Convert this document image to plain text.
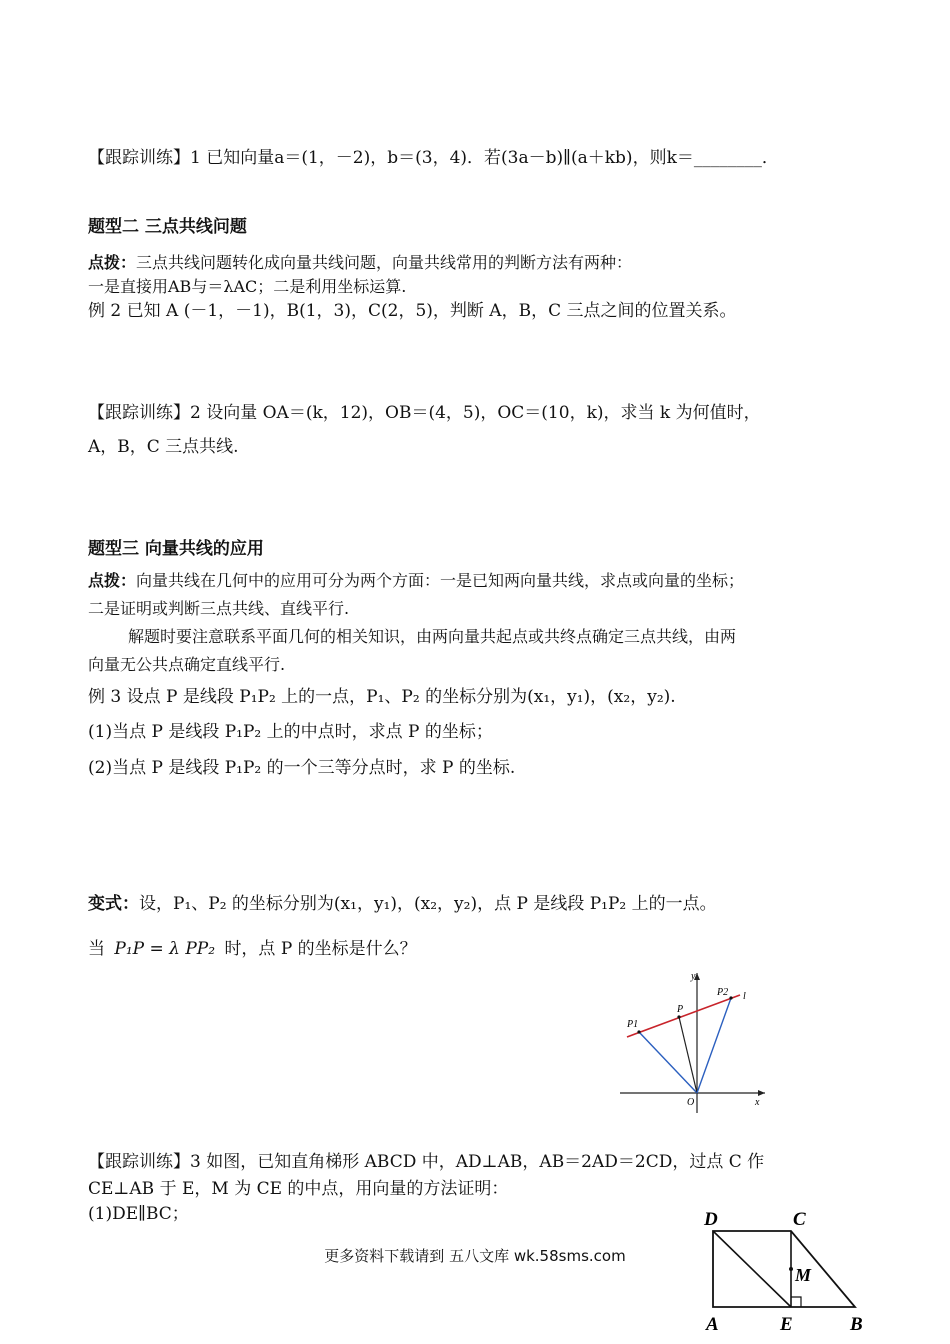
【跟踪训练】1 已知向量a＝(1，－2)，b＝(3，4)．若(3a－b)∥(a＋kb)，则k＝________．
题型二 三点共线问题
点拨：三点共线问题转化成向量共线问题，向量共线常用的判断方法有两种：
一是直接用AB与＝λAC；二是利用坐标运算.
例 2 已知 A (－1，－1)，B(1，3)，C(2，5)，判断 A，B，C 三点之间的位置关系。
【跟踪训练】2 设向量 OA＝(k，12)，OB＝(4，5)，OC＝(10，k)，求当 k 为何值时，
A，B，C 三点共线.
题型三 向量共线的应用
点拨：向量共线在几何中的应用可分为两个方面：一是已知两向量共线，求点或向量的坐标；
二是证明或判断三点共线、直线平行.
解题时要注意联系平面几何的相关知识，由两向量共起点或共终点确定三点共线，由两
向量无公共点确定直线平行.
例 3 设点 P 是线段 P₁P₂ 上的一点，P₁、P₂ 的坐标分别为(x₁，y₁)，(x₂，y₂).
(1)当点 P 是线段 P₁P₂ 上的中点时，求点 P 的坐标；
(2)当点 P 是线段 P₁P₂ 的一个三等分点时，求 P 的坐标.
变式：设，P₁、P₂ 的坐标分别为(x₁，y₁)，(x₂，y₂)，点 P 是线段 P₁P₂ 上的一点。
当 P₁P = λ PP₂ 时，点 P 的坐标是什么？
y
x
O
P1
P
P2 l
【跟踪训练】3 如图，已知直角梯形 ABCD 中，AD⊥AB，AB＝2AD＝2CD，过点 C 作
CE⊥AB 于 E，M 为 CE 的中点，用向量的方法证明：
(1)DE∥BC；
更多资料下载请到 五八文库 wk.58sms.com
D	C
M
A	E	B
